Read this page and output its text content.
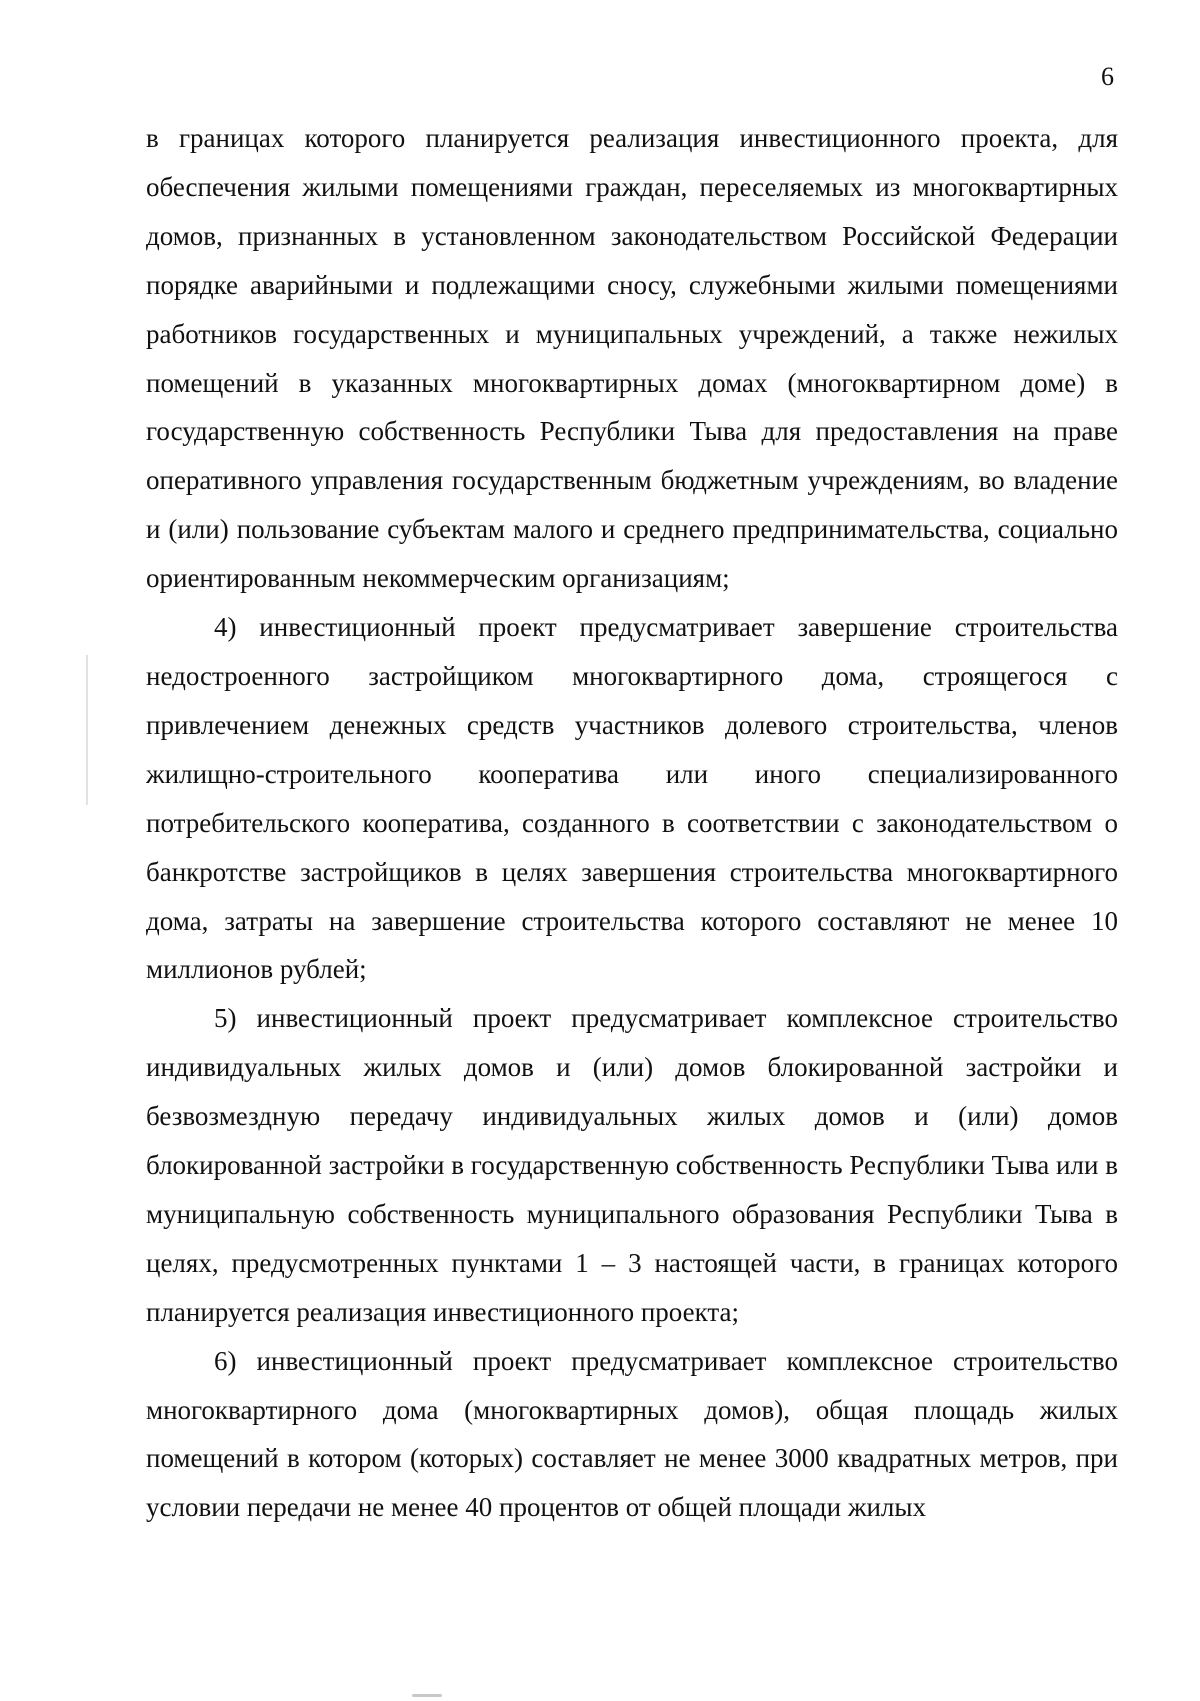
6

в границах которого планируется реализация инвестиционного проекта, для обеспечения жилыми помещениями граждан, переселяемых из многоквартирных домов, признанных в установленном законодательством Российской Федерации порядке аварийными и подлежащими сносу, служебными жилыми помещениями работников государственных и муниципальных учреждений, а также нежилых помещений в указанных многоквартирных домах (многоквартирном доме) в государственную собственность Республики Тыва для предоставления на праве оперативного управления государственным бюджетным учреждениям, во владение и (или) пользование субъектам малого и среднего предпринимательства, социально ориентированным некоммерческим организациям;

4) инвестиционный проект предусматривает завершение строительства недостроенного застройщиком многоквартирного дома, строящегося с привлечением денежных средств участников долевого строительства, членов жилищно-строительного кооператива или иного специализированного потребительского кооператива, созданного в соответствии с законодательством о банкротстве застройщиков в целях завершения строительства многоквартирного дома, затраты на завершение строительства которого составляют не менее 10 миллионов рублей;

5) инвестиционный проект предусматривает комплексное строительство индивидуальных жилых домов и (или) домов блокированной застройки и безвозмездную передачу индивидуальных жилых домов и (или) домов блокированной застройки в государственную собственность Республики Тыва или в муниципальную собственность муниципального образования Республики Тыва в целях, предусмотренных пунктами 1 – 3 настоящей части, в границах которого планируется реализация инвестиционного проекта;

6) инвестиционный проект предусматривает комплексное строительство многоквартирного дома (многоквартирных домов), общая площадь жилых помещений в котором (которых) составляет не менее 3000 квадратных метров, при условии передачи не менее 40 процентов от общей площади жилых
